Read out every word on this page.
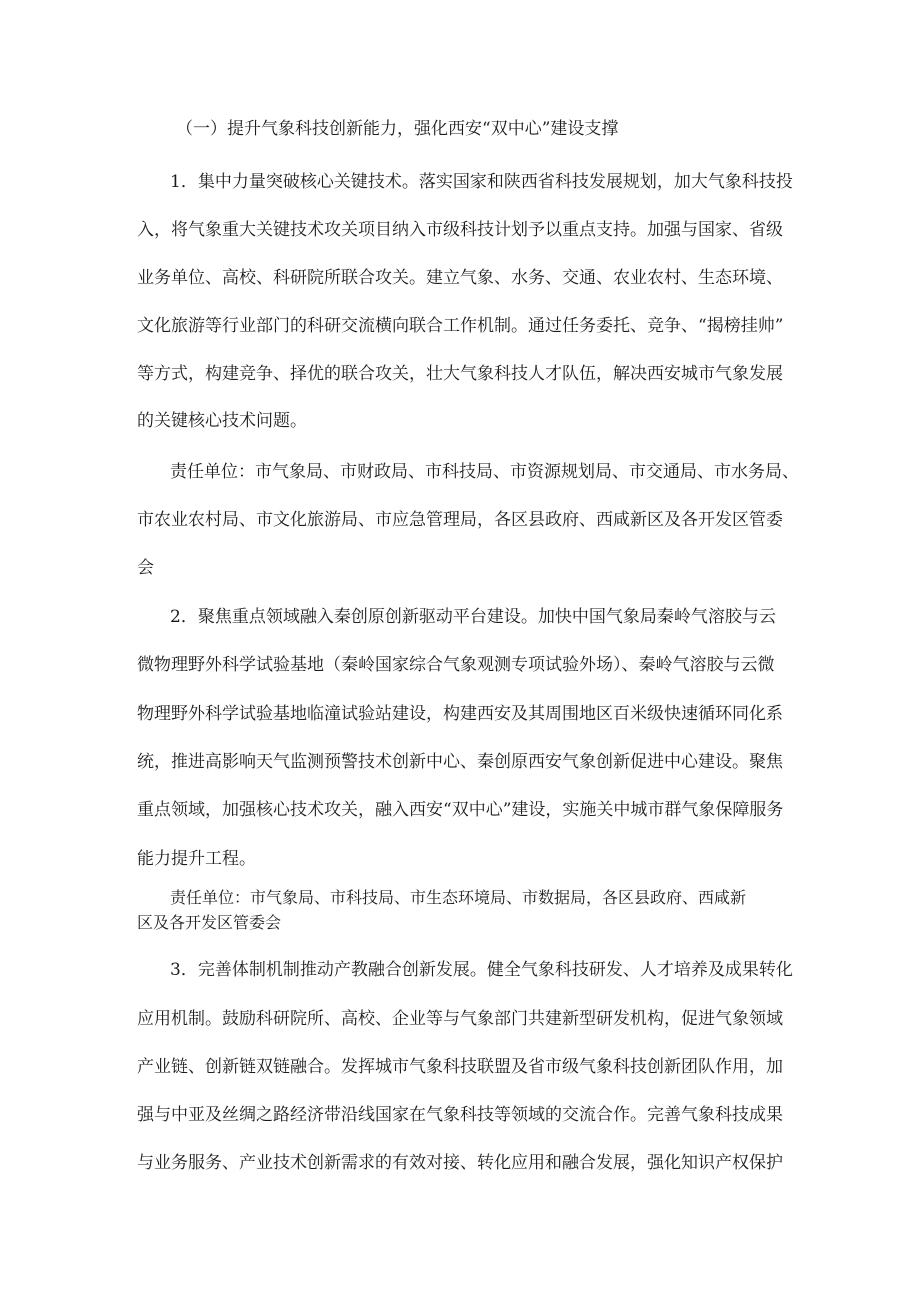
（一）提升气象科技创新能力，强化西安“双中心”建设支撑

1．集中力量突破核心关键技术。落实国家和陕西省科技发展规划，加大气象科技投

入，将气象重大关键技术攻关项目纳入市级科技计划予以重点支持。加强与国家、省级

业务单位、高校、科研院所联合攻关。建立气象、水务、交通、农业农村、生态环境、

文化旅游等行业部门的科研交流横向联合工作机制。通过任务委托、竞争、“揭榜挂帅”

等方式，构建竞争、择优的联合攻关，壮大气象科技人才队伍，解决西安城市气象发展

的关键核心技术问题。

责任单位：市气象局、市财政局、市科技局、市资源规划局、市交通局、市水务局、

市农业农村局、市文化旅游局、市应急管理局，各区县政府、西咸新区及各开发区管委

会

2．聚焦重点领域融入秦创原创新驱动平台建设。加快中国气象局秦岭气溶胶与云

微物理野外科学试验基地（秦岭国家综合气象观测专项试验外场）、秦岭气溶胶与云微

物理野外科学试验基地临潼试验站建设，构建西安及其周围地区百米级快速循环同化系

统，推进高影响天气监测预警技术创新中心、秦创原西安气象创新促进中心建设。聚焦

重点领域，加强核心技术攻关，融入西安“双中心”建设，实施关中城市群气象保障服务

能力提升工程。

责任单位：市气象局、市科技局、市生态环境局、市数据局，各区县政府、西咸新

区及各开发区管委会

3．完善体制机制推动产教融合创新发展。健全气象科技研发、人才培养及成果转化

应用机制。鼓励科研院所、高校、企业等与气象部门共建新型研发机构，促进气象领域

产业链、创新链双链融合。发挥城市气象科技联盟及省市级气象科技创新团队作用，加

强与中亚及丝绸之路经济带沿线国家在气象科技等领域的交流合作。完善气象科技成果

与业务服务、产业技术创新需求的有效对接、转化应用和融合发展，强化知识产权保护
